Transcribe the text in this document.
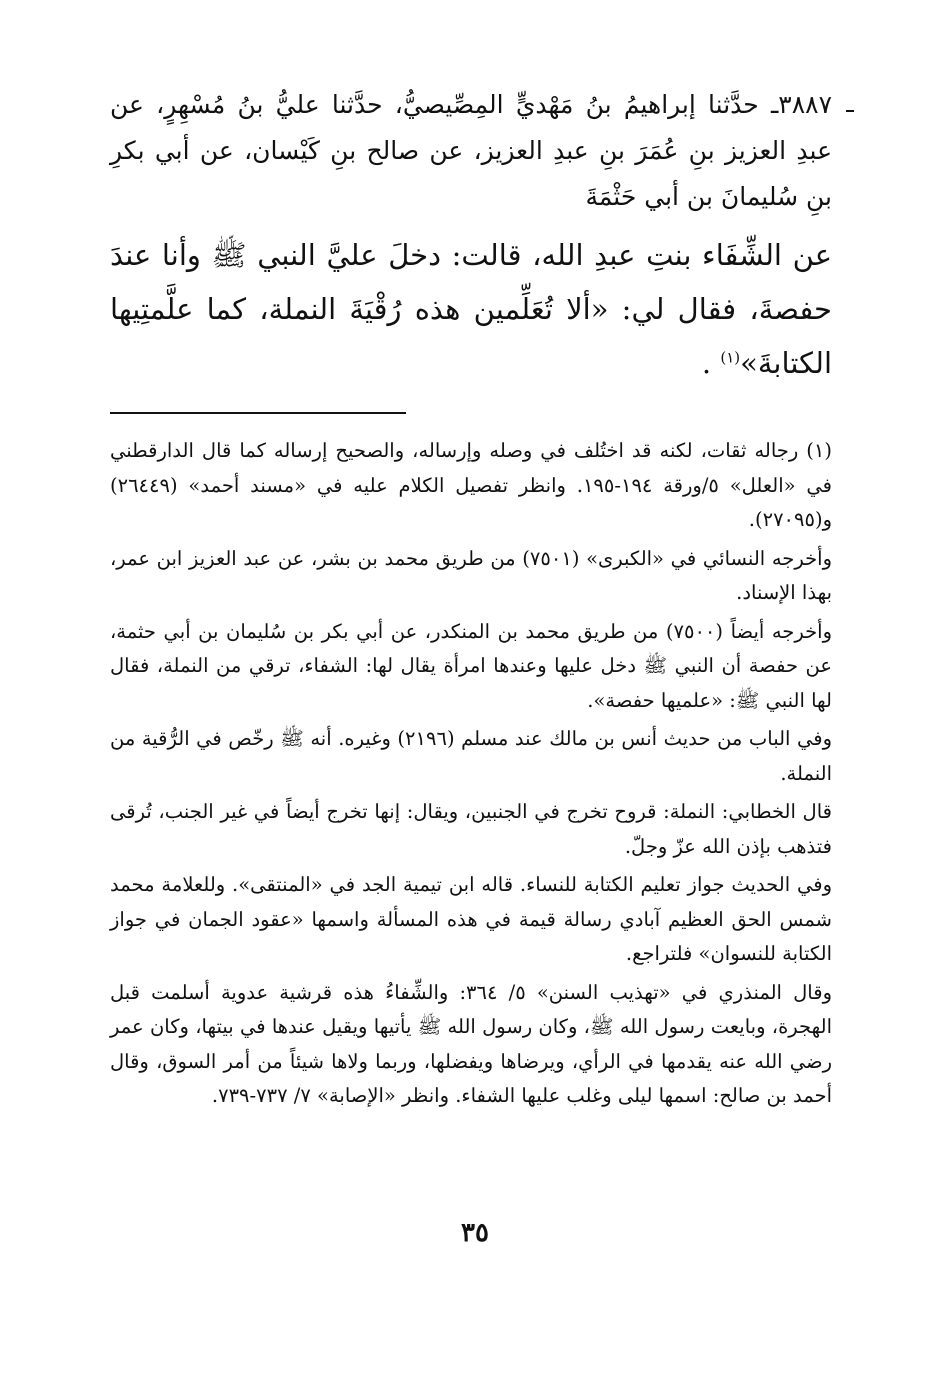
٣٨٨٧ـ حدَّثنا إبراهيمُ بنُ مَهْديٍّ المِصِّيصيُّ، حدَّثنا عليُّ بنُ مُسْهِرٍ، عن عبدِ العزيز بنِ عُمَرَ بنِ عبدِ العزيز، عن صالح بنِ كَيْسان، عن أبي بكرِ بنِ سُليمانَ بن أبي حَثْمَةَ

عن الشِّفَاء بنتِ عبدِ الله، قالت: دخلَ عليَّ النبي ﷺ وأنا عندَ حفصةَ، فقال لي: «ألا تُعَلِّمين هذه رُقْيَةَ النملة، كما علَّمتِيها الكتابةَ»$^{(١)}$ .

(١) رجاله ثقات، لكنه قد اختُلف في وصله وإرساله، والصحيح إرساله كما قال الدارقطني في «العلل» ٥/ورقة ١٩٤-١٩٥. وانظر تفصيل الكلام عليه في «مسند أحمد» (٢٦٤٤٩) و(٢٧٠٩٥).

وأخرجه النسائي في «الكبرى» (٧٥٠١) من طريق محمد بن بشر، عن عبد العزيز ابن عمر، بهذا الإسناد.

وأخرجه أيضاً (٧٥٠٠) من طريق محمد بن المنكدر، عن أبي بكر بن سُليمان بن أبي حثمة، عن حفصة أن النبي ﷺ دخل عليها وعندها امرأة يقال لها: الشفاء، ترقي من النملة، فقال لها النبي ﷺ: «علميها حفصة».

وفي الباب من حديث أنس بن مالك عند مسلم (٢١٩٦) وغيره. أنه ﷺ رخّص في الرُّقية من النملة.

قال الخطابي: النملة: قروح تخرج في الجنبين، ويقال: إنها تخرج أيضاً في غير الجنب، تُرقى فتذهب بإذن الله عزّ وجلّ.

وفي الحديث جواز تعليم الكتابة للنساء. قاله ابن تيمية الجد في «المنتقى». وللعلامة محمد شمس الحق العظيم آبادي رسالة قيمة في هذه المسألة واسمها «عقود الجمان في جواز الكتابة للنسوان» فلتراجع.

وقال المنذري في «تهذيب السنن» ٥/ ٣٦٤: والشِّفاءُ هذه قرشية عدوية أسلمت قبل الهجرة، وبايعت رسول الله ﷺ، وكان رسول الله ﷺ يأتيها ويقيل عندها في بيتها، وكان عمر رضي الله عنه يقدمها في الرأي، ويرضاها ويفضلها، وربما ولاها شيئاً من أمر السوق، وقال أحمد بن صالح: اسمها ليلى وغلب عليها الشفاء. وانظر «الإصابة» ٧/ ٧٣٧-٧٣٩.

٣٥
